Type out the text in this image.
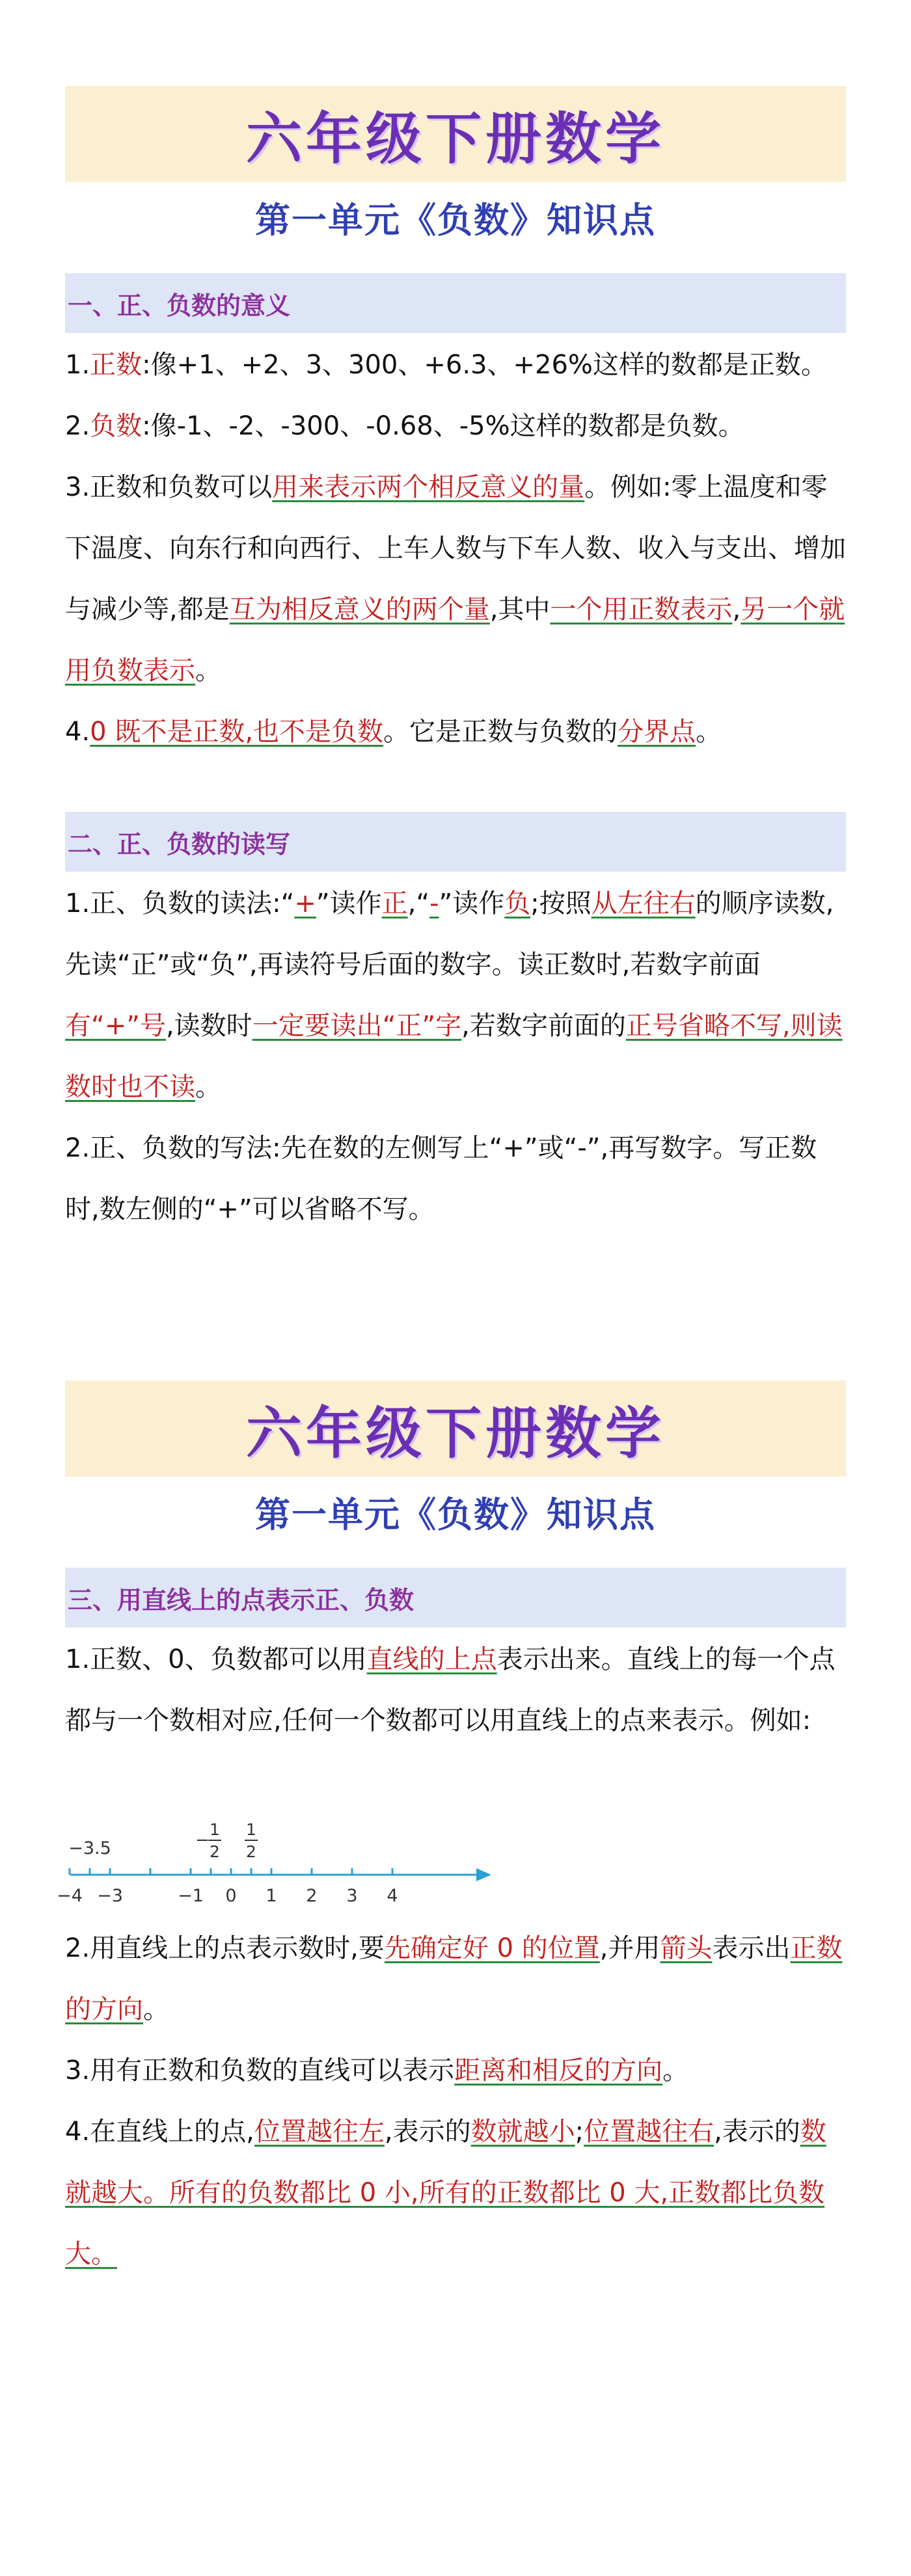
六年级下册数学
第一单元《负数》知识点
一、正、负数的意义
1.正数:像+1、+2、3、300、+6.3、+26%这样的数都是正数。
2.负数:像-1、-2、-300、-0.68、-5%这样的数都是负数。
3.正数和负数可以用来表示两个相反意义的量。例如:零上温度和零下温度、向东行和向西行、上车人数与下车人数、收入与支出、增加与减少等,都是互为相反意义的两个量,其中一个用正数表示,另一个就用负数表示。
4.0 既不是正数,也不是负数。它是正数与负数的分界点。
二、正、负数的读写
1.正、负数的读法:“+”读作正,“-”读作负;按照从左往右的顺序读数,先读“正”或“负”,再读符号后面的数字。读正数时,若数字前面有“+”号,读数时一定要读出“正”字,若数字前面的正号省略不写,则读数时也不读。
2.正、负数的写法:先在数的左侧写上“+”或“-”,再写数字。写正数时,数左侧的“+”可以省略不写。
六年级下册数学
第一单元《负数》知识点
三、用直线上的点表示正、负数
1.正数、0、负数都可以用直线的上点表示出来。直线上的每一个点都与一个数相对应,任何一个数都可以用直线上的点来表示。例如:
−4 −3	−1 0 1 2 3 4
−3.5	−
1
2
1
2
2.用直线上的点表示数时,要先确定好 0 的位置,并用箭头表示出正数的方向。
3.用有正数和负数的直线可以表示距离和相反的方向。
4.在直线上的点,位置越往左,表示的数就越小;位置越往右,表示的数就越大。所有的负数都比 0 小,所有的正数都比 0 大,正数都比负数大。
